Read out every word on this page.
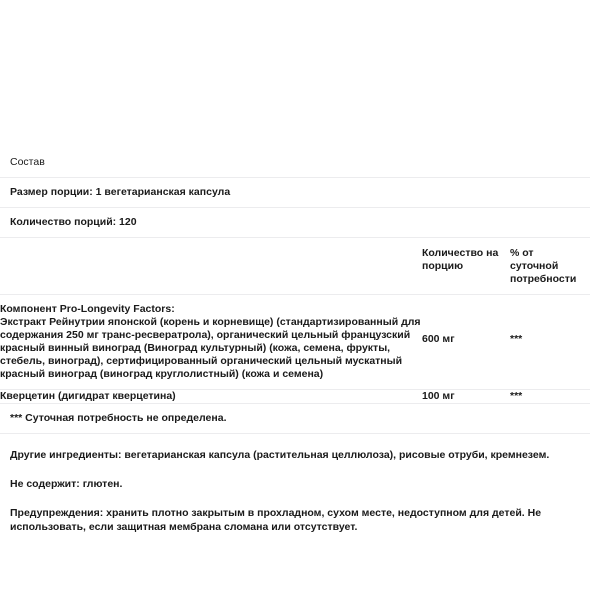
Состав		
Размер порции: 1 вегетарианская капсула		
Количество порций: 120		

	Количество на порцию	% от суточной потребности

Компонент Pro-Longevity Factors:
Экстракт Рейнутрии японской (корень и корневище) (стандартизированный для содержания 250 мг транс-ресвератрола), органический цельный французский красный винный виноград (Виноград культурный) (кожа, семена, фрукты, стебель, виноград), сертифицированный органический цельный мускатный красный виноград (виноград круглолистный) (кожа и семена)	600 мг	***
Кверцетин (дигидрат кверцетина)	100 мг	***
*** Суточная потребность не определена.		

Другие ингредиенты: вегетарианская капсула (растительная целлюлоза), рисовые отруби, кремнезем.

Не содержит: глютен.

Предупреждения: хранить плотно закрытым в прохладном, сухом месте, недоступном для детей. Не использовать, если защитная мембрана сломана или отсутствует.
